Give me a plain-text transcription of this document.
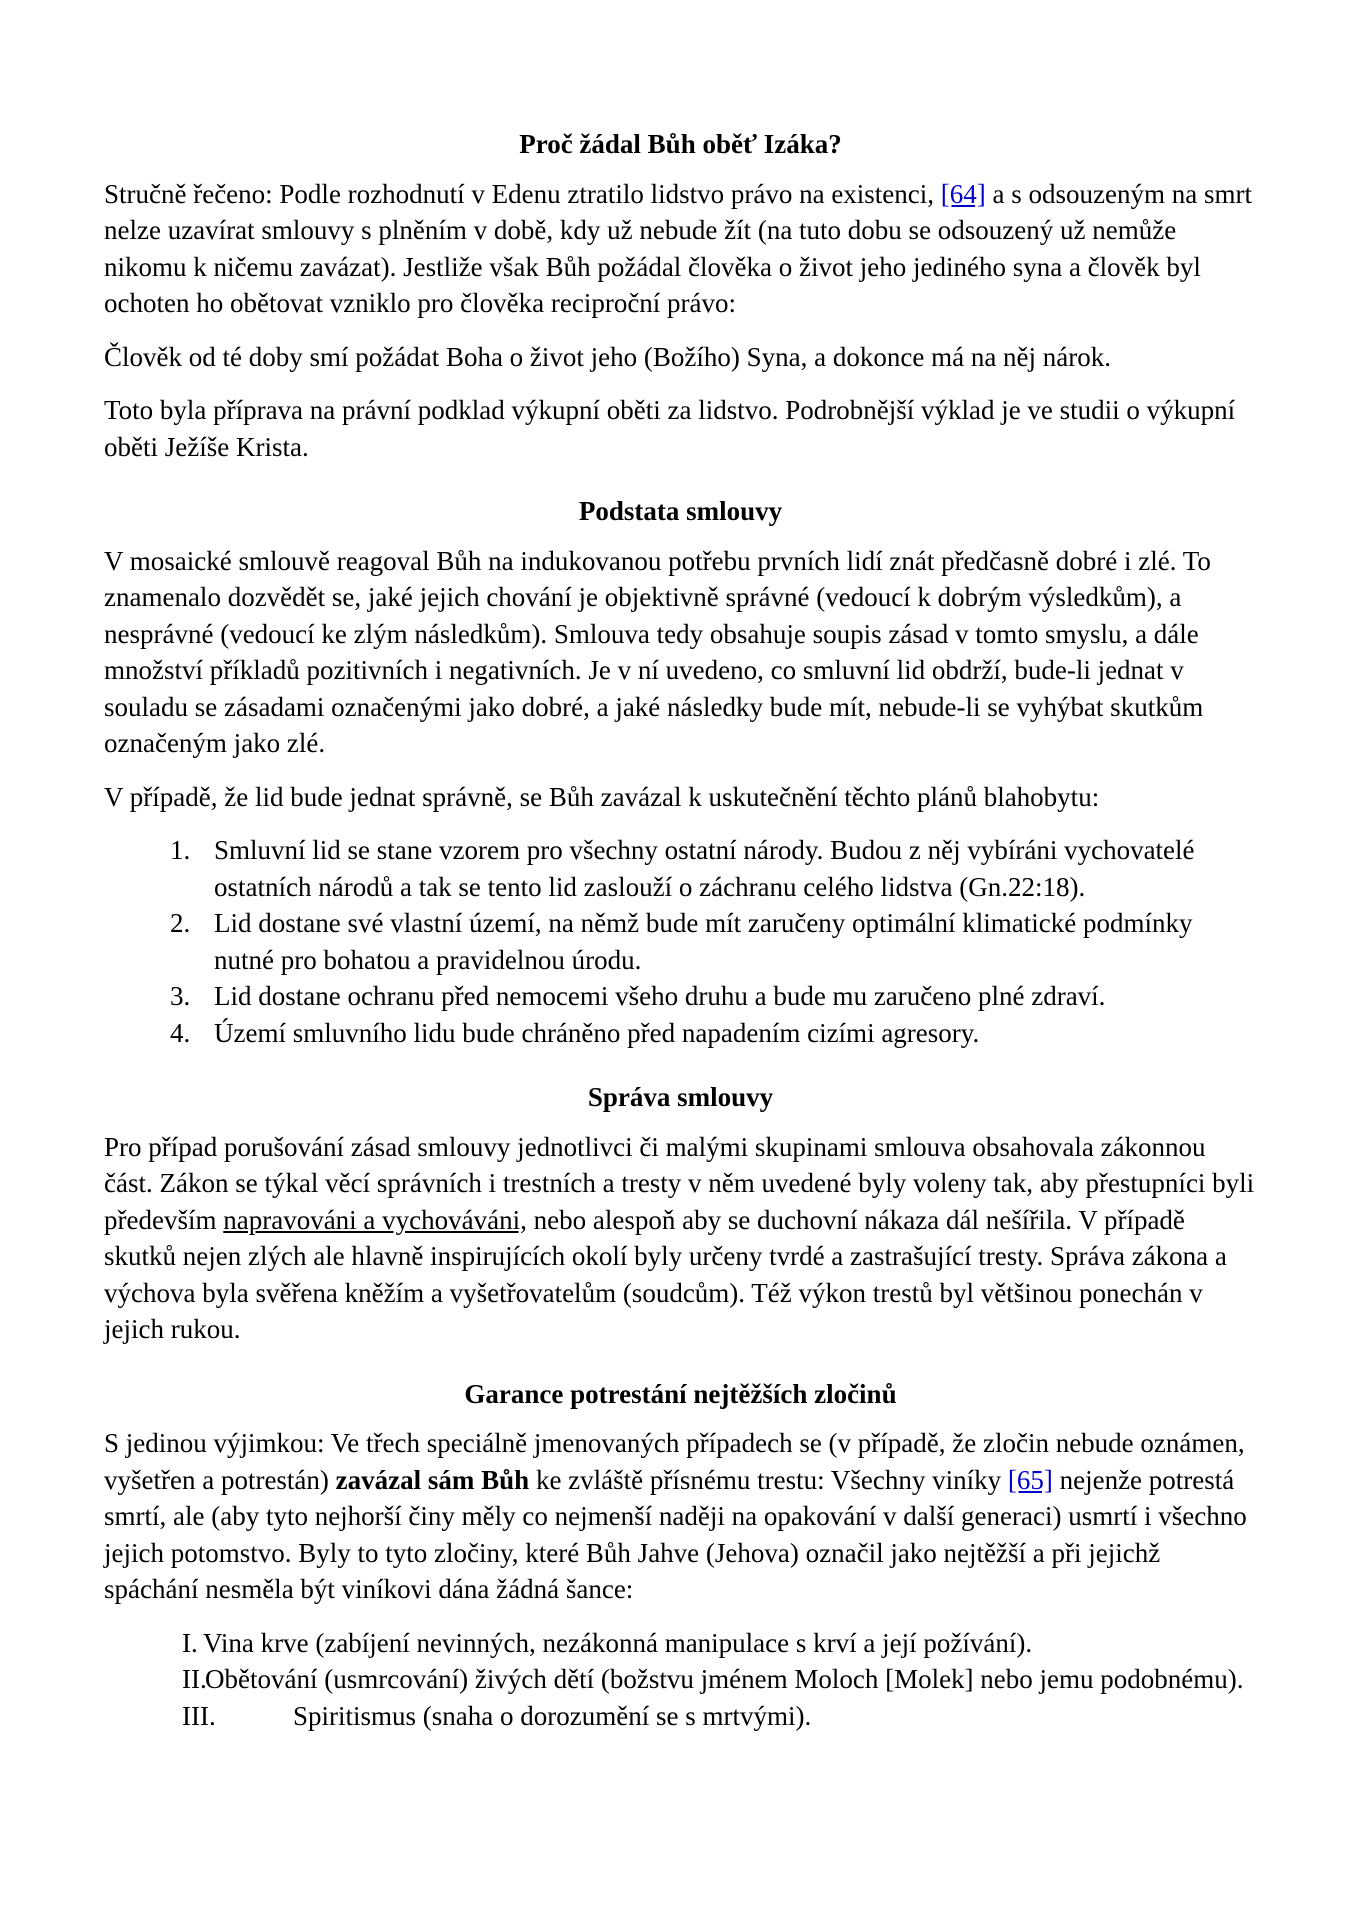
Proč žádal Bůh oběť Izáka?

Stručně řečeno: Podle rozhodnutí v Edenu ztratilo lidstvo právo na existenci, [64] a s odsouzeným na smrt nelze uzavírat smlouvy s plněním v době, kdy už nebude žít (na tuto dobu se odsouzený už nemůže nikomu k ničemu zavázat). Jestliže však Bůh požádal člověka o život jeho jediného syna a člověk byl ochoten ho obětovat vzniklo pro člověka reciproční právo:

Člověk od té doby smí požádat Boha o život jeho (Božího) Syna, a dokonce má na něj nárok.

Toto byla příprava na právní podklad výkupní oběti za lidstvo. Podrobnější výklad je ve studii o výkupní oběti Ježíše Krista.

Podstata smlouvy

V mosaické smlouvě reagoval Bůh na indukovanou potřebu prvních lidí znát předčasně dobré i zlé. To znamenalo dozvědět se, jaké jejich chování je objektivně správné (vedoucí k dobrým výsledkům), a nesprávné (vedoucí ke zlým následkům). Smlouva tedy obsahuje soupis zásad v tomto smyslu, a dále množství příkladů pozitivních i negativních. Je v ní uvedeno, co smluvní lid obdrží, bude-li jednat v souladu se zásadami označenými jako dobré, a jaké následky bude mít, nebude-li se vyhýbat skutkům označeným jako zlé.

V případě, že lid bude jednat správně, se Bůh zavázal k uskutečnění těchto plánů blahobytu:

1. Smluvní lid se stane vzorem pro všechny ostatní národy. Budou z něj vybíráni vychovatelé ostatních národů a tak se tento lid zaslouží o záchranu celého lidstva (Gn.22:18).
2. Lid dostane své vlastní území, na němž bude mít zaručeny optimální klimatické podmínky nutné pro bohatou a pravidelnou úrodu.
3. Lid dostane ochranu před nemocemi všeho druhu a bude mu zaručeno plné zdraví.
4. Území smluvního lidu bude chráněno před napadením cizími agresory.
Správa smlouvy

Pro případ porušování zásad smlouvy jednotlivci či malými skupinami smlouva obsahovala zákonnou část. Zákon se týkal věcí správních i trestních a tresty v něm uvedené byly voleny tak, aby přestupníci byli především napravováni a vychováváni, nebo alespoň aby se duchovní nákaza dál nešířila. V případě skutků nejen zlých ale hlavně inspirujících okolí byly určeny tvrdé a zastrašující tresty. Správa zákona a výchova byla svěřena kněžím a vyšetřovatelům (soudcům). Též výkon trestů byl většinou ponechán v jejich rukou.

Garance potrestání nejtěžších zločinů

S jedinou výjimkou: Ve třech speciálně jmenovaných případech se (v případě, že zločin nebude oznámen, vyšetřen a potrestán) zavázal sám Bůh ke zvláště přísnému trestu: Všechny viníky [65] nejenže potrestá smrtí, ale (aby tyto nejhorší činy měly co nejmenší naději na opakování v další generaci) usmrtí i všechno jejich potomstvo. Byly to tyto zločiny, které Bůh Jahve (Jehova) označil jako nejtěžší a při jejichž spáchání nesměla být viníkovi dána žádná šance:

I. Vina krve (zabíjení nevinných, nezákonná manipulace s krví a její požívání).
II.Obětování (usmrcování) živých dětí (božstvu jménem Moloch [Molek] nebo jemu podobnému).
III.	Spiritismus (snaha o dorozumění se s mrtvými).
